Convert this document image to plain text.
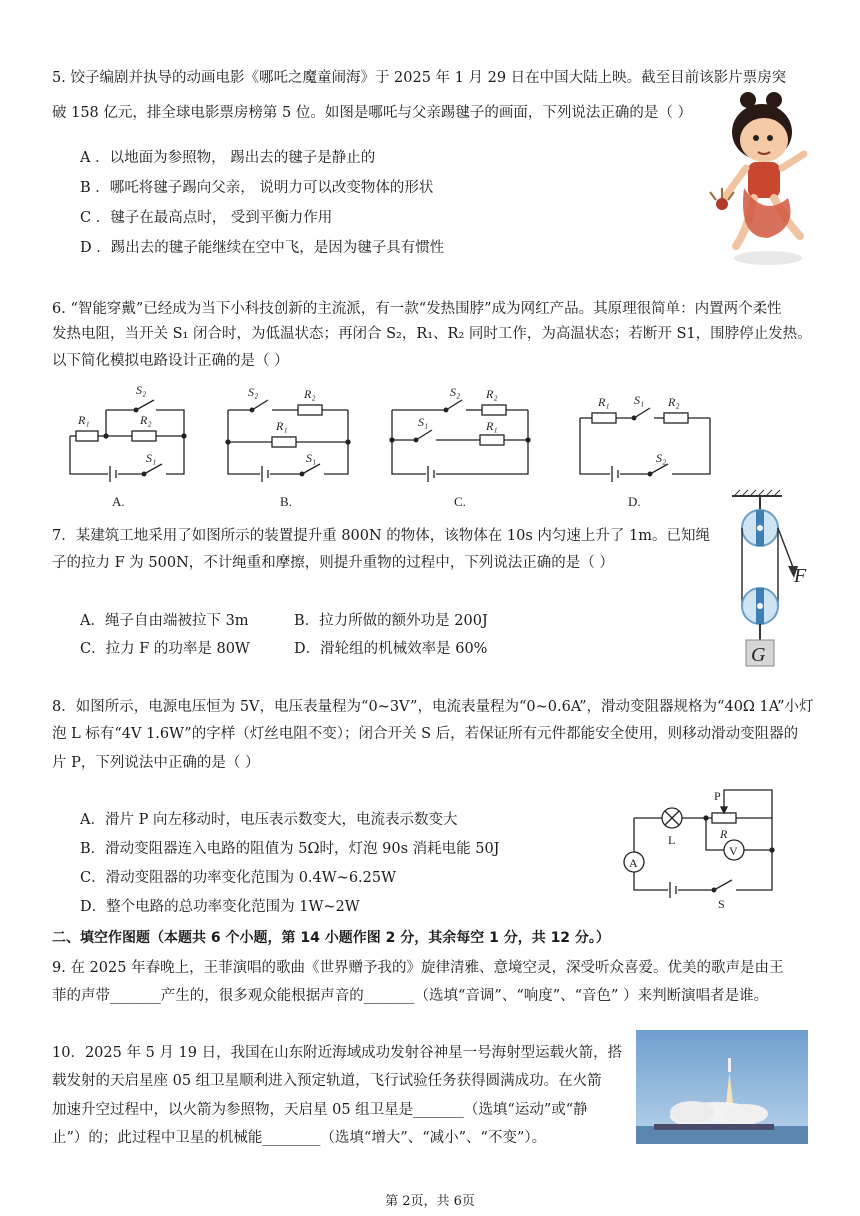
5. 饺子编剧并执导的动画电影《哪吒之魔童闹海》于 2025 年 1 月 29 日在中国大陆上映。截至目前该影片票房突
破 158 亿元，排全球电影票房榜第 5 位。如图是哪吒与父亲踢毽子的画面，下列说法正确的是（ ）
A ．以地面为参照物， 踢出去的毽子是静止的
B ．哪吒将毽子踢向父亲， 说明力可以改变物体的形状
C ．毽子在最高点时， 受到平衡力作用
D ．踢出去的毽子能继续在空中飞，是因为毽子具有惯性
6. “智能穿戴”已经成为当下小科技创新的主流派，有一款“发热围脖”成为网红产品。其原理很简单：内置两个柔性
发热电阻，当开关 S₁ 闭合时，为低温状态；再闭合 S₂，R₁、R₂ 同时工作，为高温状态；若断开 S1，围脖停止发热。
以下简化模拟电路设计正确的是（ ）
R₁
S₂
R₂
S₁
A.
S₂	R₂
R₁
S₁
B.
S₂ R₂
S₁	R₁
C.
R₁ S₁ R₂
S₂
D.
7．某建筑工地采用了如图所示的装置提升重 800N 的物体，该物体在 10s 内匀速上升了 1m。已知绳
子的拉力 F 为 500N，不计绳重和摩擦，则提升重物的过程中，下列说法正确的是（ ）
A．绳子自由端被拉下 3m	B．拉力所做的额外功是 200J
C．拉力 F 的功率是 80W	D．滑轮组的机械效率是 60%
F
G
8．如图所示，电源电压恒为 5V，电压表量程为“0~3V”，电流表量程为“0~0.6A”，滑动变阻器规格为“40Ω 1A”小灯
泡 L 标有“4V 1.6W”的字样（灯丝电阻不变）；闭合开关 S 后，若保证所有元件都能安全使用，则移动滑动变阻器的
片 P，下列说法中正确的是（ ）
A．滑片 P 向左移动时，电压表示数变大，电流表示数变大
B．滑动变阻器连入电路的阻值为 5Ω时，灯泡 90s 消耗电能 50J
C．滑动变阻器的功率变化范围为 0.4W~6.25W
D．整个电路的总功率变化范围为 1W~2W
A
V
P
L	R
S
二、填空作图题（本题共 6 个小题，第 14 小题作图 2 分，其余每空 1 分，共 12 分。）
9. 在 2025 年春晚上，王菲演唱的歌曲《世界赠予我的》旋律清雅、意境空灵，深受听众喜爱。优美的歌声是由王
菲的声带_______产生的，很多观众能根据声音的_______（选填“音调”、“响度”、“音色” ）来判断演唱者是谁。
10．2025 年 5 月 19 日，我国在山东附近海域成功发射谷神星一号海射型运载火箭，搭
载发射的天启星座 05 组卫星顺利进入预定轨道，飞行试验任务获得圆满成功。在火箭
加速升空过程中，以火箭为参照物，天启星 05 组卫星是_______（选填“运动”或“静
止”）的；此过程中卫星的机械能________（选填“增大”、“减小”、“不变”）。
第 2页，共 6页
